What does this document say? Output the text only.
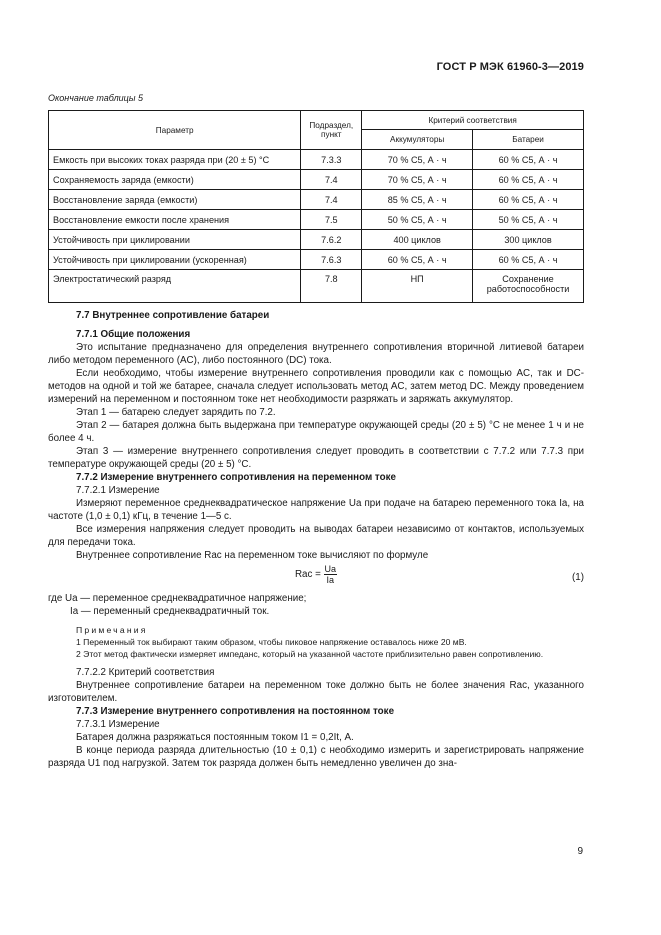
ГОСТ Р МЭК 61960-3—2019
Окончание таблицы 5
Параметр	Подраздел, пункт	Критерий соответствия	
		Аккумуляторы	Батареи
Емкость при высоких токах разряда при (20 ± 5) °С	7.3.3	70 % C5, А · ч	60 % C5, А · ч
Сохраняемость заряда (емкости)	7.4	70 % C5, А · ч	60 % C5, А · ч
Восстановление заряда (емкости)	7.4	85 % C5, А · ч	60 % C5, А · ч
Восстановление емкости после хранения	7.5	50 % C5, А · ч	50 % C5, А · ч
Устойчивость при циклировании	7.6.2	400 циклов	300 циклов
Устойчивость при циклировании (ускоренная)	7.6.3	60 % C5, А · ч	60 % C5, А · ч
Электростатический разряд	7.8	НП	Сохранение работоспособности

7.7 Внутреннее сопротивление батареи

7.7.1 Общие положения

Это испытание предназначено для определения внутреннего сопротивления вторичной литиевой батареи либо методом переменного (AC), либо постоянного (DC) тока.

Если необходимо, чтобы измерение внутреннего сопротивления проводили как с помощью AC, так и DC-методов на одной и той же батарее, сначала следует использовать метод AC, затем метод DC. Между проведением измерений на переменном и постоянном токе нет необходимости разряжать и заряжать аккумулятор.

Этап 1 — батарею следует зарядить по 7.2.

Этап 2 — батарея должна быть выдержана при температуре окружающей среды (20 ± 5) °С не менее 1 ч и не более 4 ч.

Этап 3 — измерение внутреннего сопротивления следует проводить в соответствии с 7.7.2 или 7.7.3 при температуре окружающей среды (20 ± 5) °С.

7.7.2 Измерение внутреннего сопротивления на переменном токе

7.7.2.1 Измерение

Измеряют переменное среднеквадратическое напряжение Ua при подаче на батарею переменного тока Ia, на частоте (1,0 ± 0,1) кГц, в течение 1—5 с.

Все измерения напряжения следует проводить на выводах батареи независимо от контактов, используемых для передачи тока.

Внутреннее сопротивление Rac на переменном токе вычисляют по формуле

Rac = $\frac{Ua}{Ia}$	(1)

где Ua — переменное среднеквадратичное напряжение;

Ia — переменный среднеквадратичный ток.

Примечания

1 Переменный ток выбирают таким образом, чтобы пиковое напряжение оставалось ниже 20 мВ.

2 Этот метод фактически измеряет импеданс, который на указанной частоте приблизительно равен сопротивлению.

7.7.2.2 Критерий соответствия

Внутреннее сопротивление батареи на переменном токе должно быть не более значения Rac, указанного изготовителем.

7.7.3 Измерение внутреннего сопротивления на постоянном токе

7.7.3.1 Измерение

Батарея должна разряжаться постоянным током I1 = 0,2It, А.

В конце периода разряда длительностью (10 ± 0,1) с необходимо измерить и зарегистрировать напряжение разряда U1 под нагрузкой. Затем ток разряда должен быть немедленно увеличен до зна-

9
